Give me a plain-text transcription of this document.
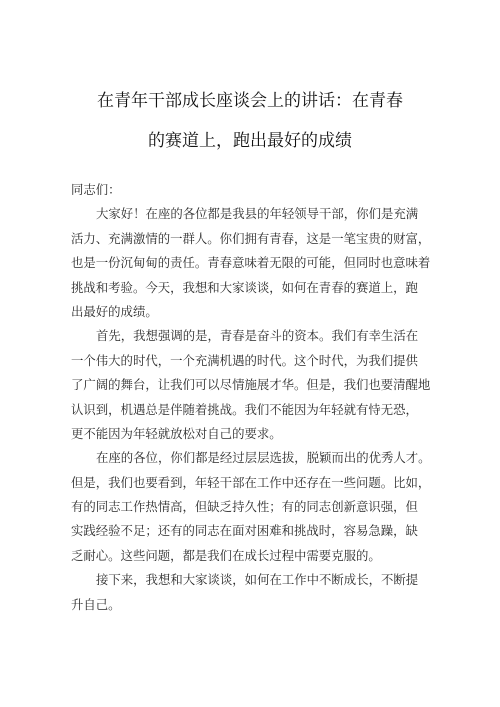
在青年干部成长座谈会上的讲话：在青春
的赛道上，跑出最好的成绩
同志们：
大家好！在座的各位都是我县的年轻领导干部，你们是充满
活力、充满激情的一群人。你们拥有青春，这是一笔宝贵的财富，
也是一份沉甸甸的责任。青春意味着无限的可能，但同时也意味着
挑战和考验。今天，我想和大家谈谈，如何在青春的赛道上，跑
出最好的成绩。
首先，我想强调的是，青春是奋斗的资本。我们有幸生活在
一个伟大的时代，一个充满机遇的时代。这个时代，为我们提供
了广阔的舞台，让我们可以尽情施展才华。但是，我们也要清醒地
认识到，机遇总是伴随着挑战。我们不能因为年轻就有恃无恐，
更不能因为年轻就放松对自己的要求。
在座的各位，你们都是经过层层选拔，脱颖而出的优秀人才。
但是，我们也要看到，年轻干部在工作中还存在一些问题。比如，
有的同志工作热情高，但缺乏持久性；有的同志创新意识强，但
实践经验不足；还有的同志在面对困难和挑战时，容易急躁，缺
乏耐心。这些问题，都是我们在成长过程中需要克服的。
接下来，我想和大家谈谈，如何在工作中不断成长，不断提
升自己。
